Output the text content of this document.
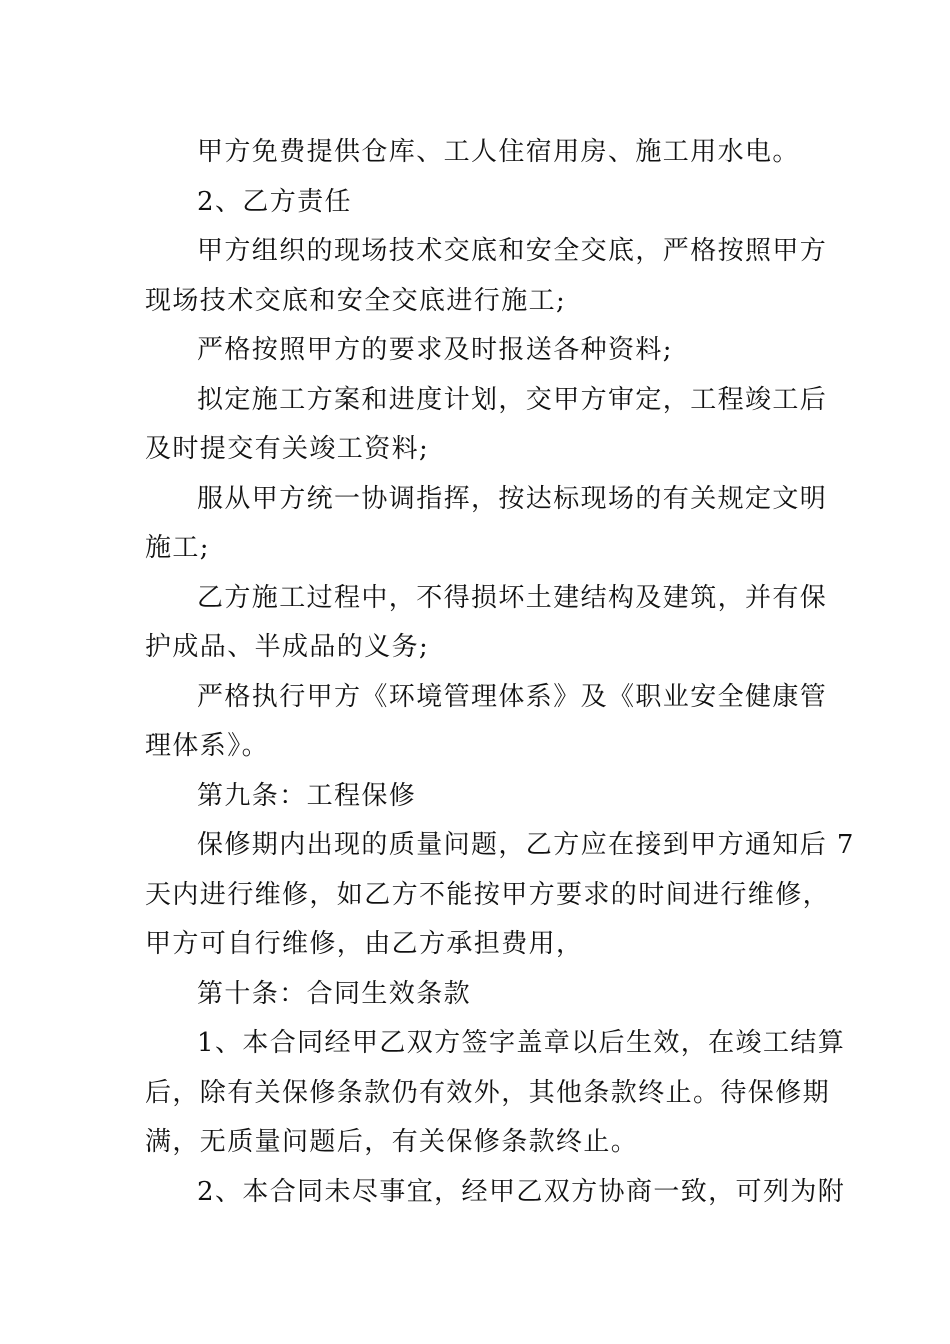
甲方免费提供仓库、工人住宿用房、施工用水电。
2、乙方责任
甲方组织的现场技术交底和安全交底，严格按照甲方
现场技术交底和安全交底进行施工;
严格按照甲方的要求及时报送各种资料;
拟定施工方案和进度计划，交甲方审定，工程竣工后
及时提交有关竣工资料;
服从甲方统一协调指挥，按达标现场的有关规定文明
施工;
乙方施工过程中，不得损坏土建结构及建筑，并有保
护成品、半成品的义务;
严格执行甲方《环境管理体系》及《职业安全健康管
理体系》。
第九条：工程保修
保修期内出现的质量问题，乙方应在接到甲方通知后 7
天内进行维修，如乙方不能按甲方要求的时间进行维修，
甲方可自行维修，由乙方承担费用，
第十条：合同生效条款
1、本合同经甲乙双方签字盖章以后生效，在竣工结算
后，除有关保修条款仍有效外，其他条款终止。待保修期
满，无质量问题后，有关保修条款终止。
2、本合同未尽事宜，经甲乙双方协商一致，可列为附
